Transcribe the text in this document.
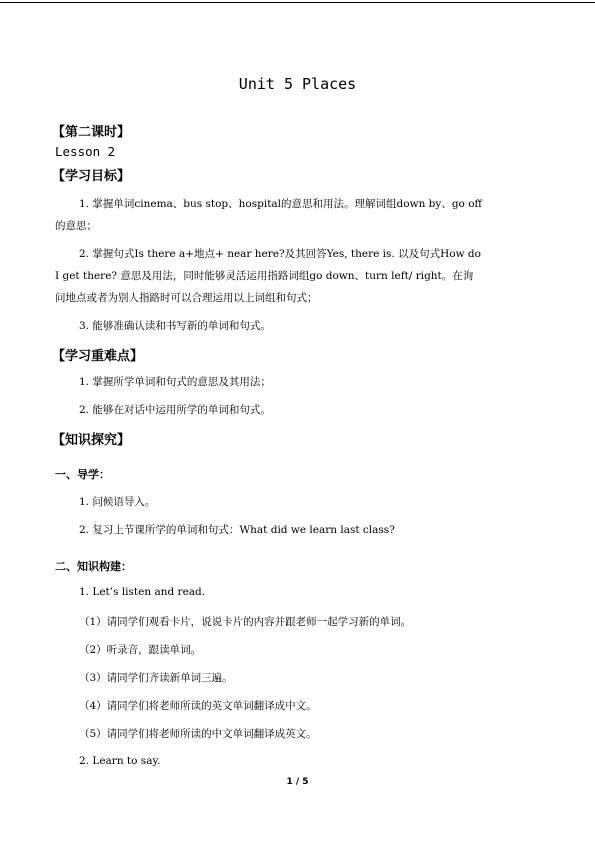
Unit 5 Places
【第二课时】
Lesson 2
【学习目标】
1. 掌握单词cinema、bus stop、hospital的意思和用法。理解词组down by、go off
的意思；
2. 掌握句式Is there a+地点+ near here?及其回答Yes, there is. 以及句式How do
I get there? 意思及用法，同时能够灵活运用指路词组go down、turn left/ right。在询
问地点或者为别人指路时可以合理运用以上词组和句式；
3. 能够准确认读和书写新的单词和句式。
【学习重难点】
1. 掌握所学单词和句式的意思及其用法；
2. 能够在对话中运用所学的单词和句式。
【知识探究】
一、导学：
1. 问候语导入。
2. 复习上节课所学的单词和句式：What did we learn last class?
二、知识构建：
1. Let’s listen and read.
（1）请同学们观看卡片，说说卡片的内容并跟老师一起学习新的单词。
（2）听录音，跟读单词。
（3）请同学们齐读新单词三遍。
（4）请同学们将老师所读的英文单词翻译成中文。
（5）请同学们将老师所读的中文单词翻译成英文。
2. Learn to say.
1 / 5
